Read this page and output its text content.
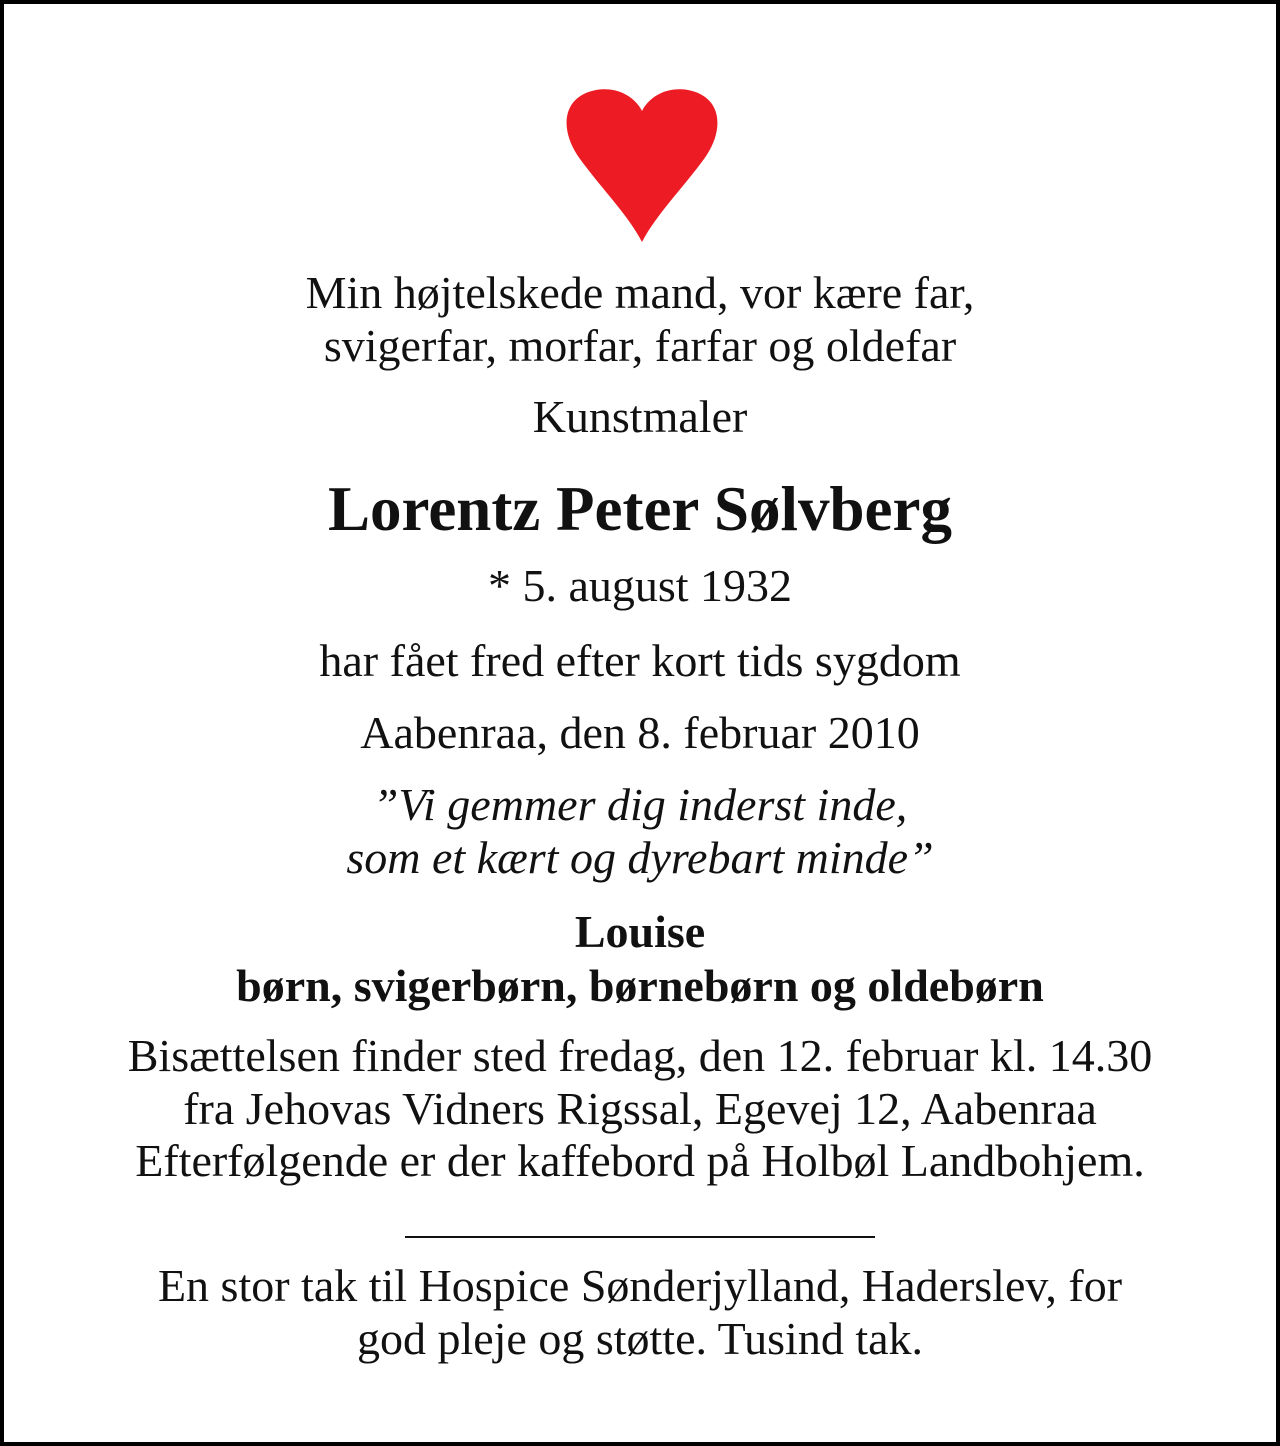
Min højtelskede mand, vor kære far,
svigerfar, morfar, farfar og oldefar
Kunstmaler
Lorentz Peter Sølvberg
* 5. august 1932
har fået fred efter kort tids sygdom
Aabenraa, den 8. februar 2010
”Vi gemmer dig inderst inde,
som et kært og dyrebart minde”
Louise
børn, svigerbørn, børnebørn og oldebørn
Bisættelsen finder sted fredag, den 12. februar kl. 14.30
fra Jehovas Vidners Rigssal, Egevej 12, Aabenraa
Efterfølgende er der kaffebord på Holbøl Landbohjem.
En stor tak til Hospice Sønderjylland, Haderslev, for
god pleje og støtte. Tusind tak.
